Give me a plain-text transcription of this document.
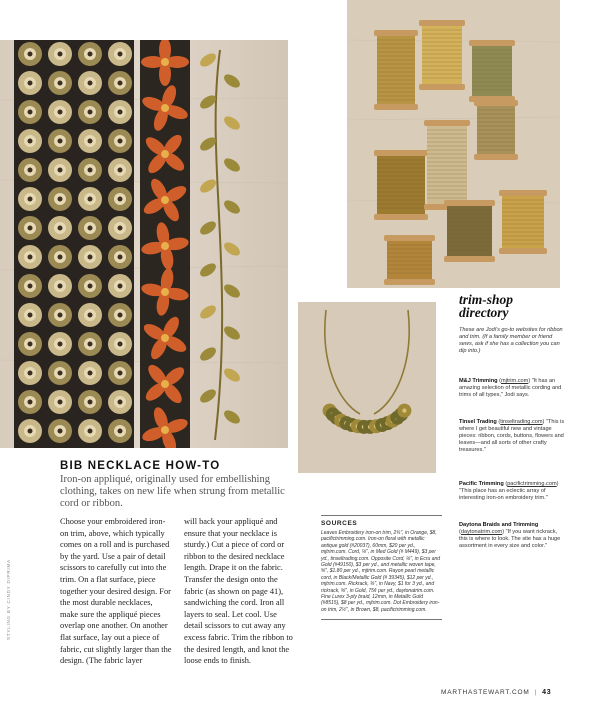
BIB NECKLACE HOW-TO
Iron-on appliqué, originally used for embellishing clothing, takes on new life when strung from metallic cord or ribbon.
Choose your embroidered iron-on trim, above, which typically comes on a roll and is purchased by the yard. Use a pair of detail scissors to carefully cut into the trim. On a flat surface, piece together your desired design. For the most durable necklaces, make sure the appliqué pieces overlap one another. On another flat surface, lay out a piece of fabric, cut slightly larger than the design. (The fabric layer
will back your appliqué and ensure that your necklace is sturdy.) Cut a piece of cord or ribbon to the desired necklace length. Drape it on the fabric. Transfer the design onto the fabric (as shown on page 41), sandwiching the cord. Iron all layers to seal. Let cool. Use detail scissors to cut away any excess fabric. Trim the ribbon to the desired length, and knot the loose ends to finish.
SOURCES
Leaves Embroidery iron-on trim, 2¾", in Orange, $8, pacifictrimming.com. Iron-on floral with metallic antique gold (#20037), 60mm, $20 per yd., mjtrim.com. Cord, ⅛", in Med Gold (# M449), $3 per yd., tinseltrading.com. Opposite Cord, ⅛", in Ecru and Gold (#49150), $3 per yd., and metallic woven tape, ⅝", $1.80 per yd., mjtrim.com. Rayon pearl metallic cord, in Black/Metallic Gold (# 39345), $12 per yd., mjtrim.com. Rickrack, ⅜", in Navy, $1 for 3 yd., and rickrack, ⅝", in Gold, 75¢ per yd., daytonatrim.com. Fine Lurex 3-ply braid, 12mm, in Metallic Gold (#8515), $8 per yd., mjtrim.com. Dot Embroidery iron-on trim, 2½", in Brown, $8, pacifictrimming.com.
trim-shop
directory
These are Jodi's go-to websites for ribbon and trim. (If a family member or friend sews, ask if she has a collection you can dip into.)
M&J Trimming (mjtrim.com) "It has an amazing selection of metallic cording and trims of all types," Jodi says.
Tinsel Trading (tinseltrading.com) "This is where I get beautiful new and vintage pieces: ribbon, cords, buttons, flowers and leaves—and all sorts of other crafty treasures."
Pacific Trimming (pacifictrimming.com) "This place has an eclectic array of interesting iron-on embroidery trim."
Daytona Braids and Trimming (daytonatrim.com) "If you want rickrack, this is where to look. The site has a huge assortment in every size and color."
STYLING BY CINDY DIPRIMA
MARTHASTEWART.COM | 43
